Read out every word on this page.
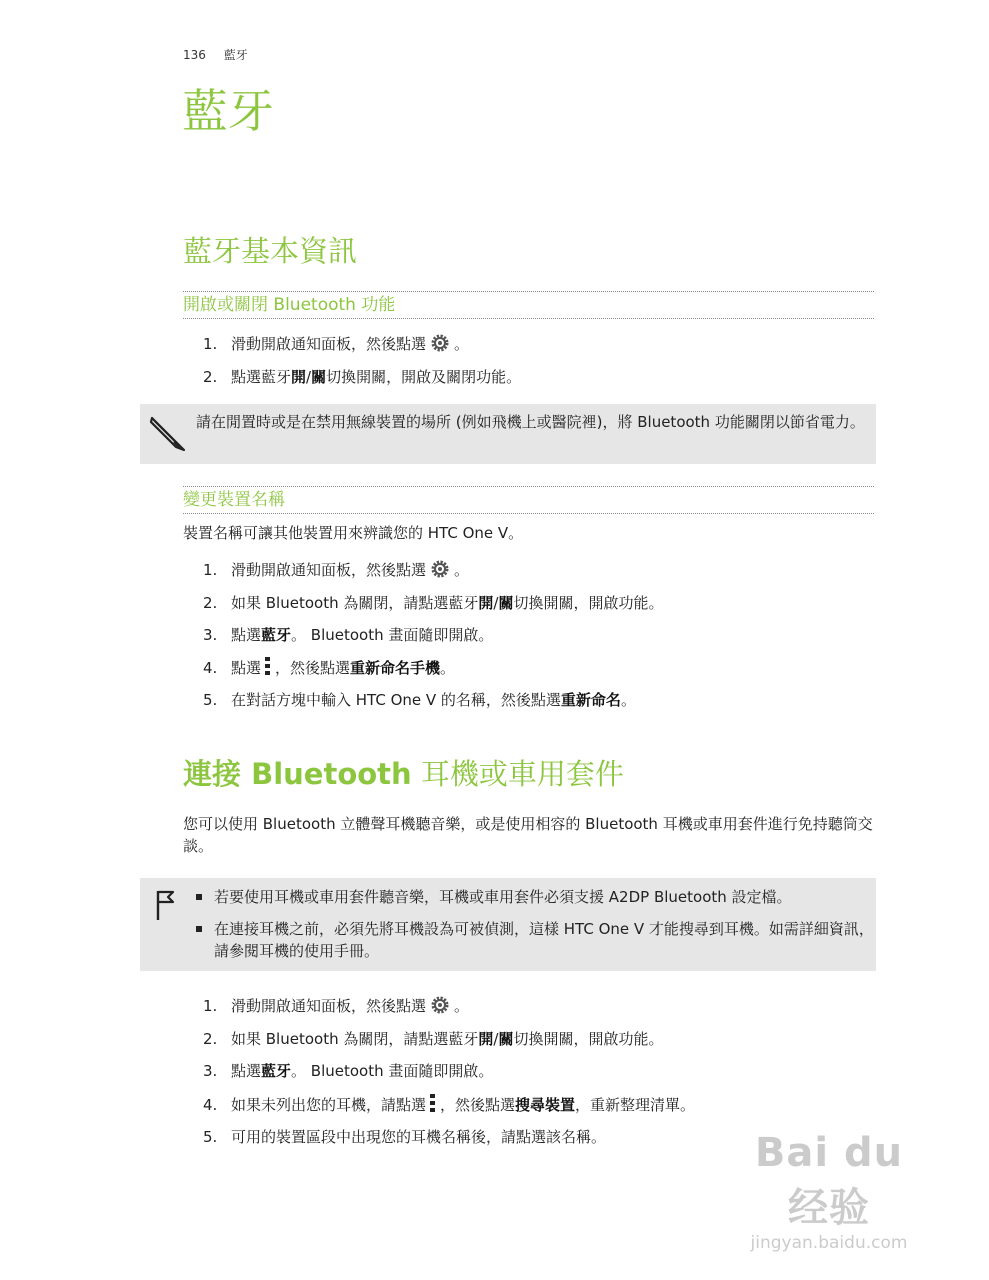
136 藍牙
藍牙
藍牙基本資訊
開啟或關閉 Bluetooth 功能
1. 滑動開啟通知面板，然後點選 。
2. 點選藍牙開/關切換開關，開啟及關閉功能。
請在閒置時或是在禁用無線裝置的場所 (例如飛機上或醫院裡)，將 Bluetooth 功能關閉以節省電力。
變更裝置名稱
裝置名稱可讓其他裝置用來辨識您的 HTC One V。
1. 滑動開啟通知面板，然後點選 。
2. 如果 Bluetooth 為關閉，請點選藍牙開/關切換開關，開啟功能。
3. 點選藍牙。 Bluetooth 畫面隨即開啟。
4. 點選 ，然後點選重新命名手機。
5. 在對話方塊中輸入 HTC One V 的名稱，然後點選重新命名。
連接 Bluetooth 耳機或車用套件
您可以使用 Bluetooth 立體聲耳機聽音樂，或是使用相容的 Bluetooth 耳機或車用套件進行免持聽筒交談。
若要使用耳機或車用套件聽音樂，耳機或車用套件必須支援 A2DP Bluetooth 設定檔。
在連接耳機之前，必須先將耳機設為可被偵測，這樣 HTC One V 才能搜尋到耳機。如需詳細資訊，請參閱耳機的使用手冊。
1. 滑動開啟通知面板，然後點選 。
2. 如果 Bluetooth 為關閉，請點選藍牙開/關切換開關，開啟功能。
3. 點選藍牙。 Bluetooth 畫面隨即開啟。
4. 如果未列出您的耳機，請點選 ，然後點選搜尋裝置，重新整理清單。
5. 可用的裝置區段中出現您的耳機名稱後，請點選該名稱。	Bai du 经验
jingyan.baidu.com
